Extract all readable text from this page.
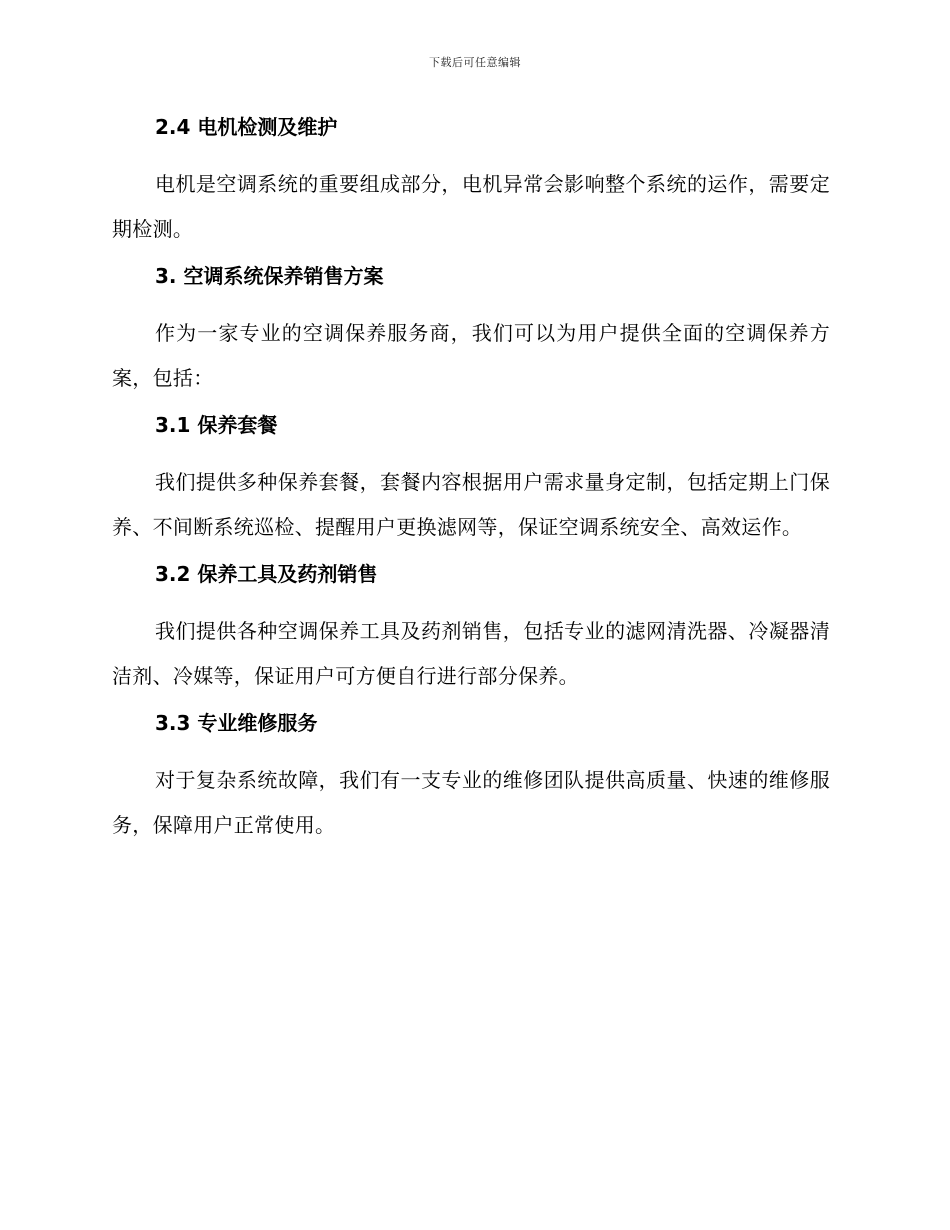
下载后可任意编辑
2.4 电机检测及维护

电机是空调系统的重要组成部分，电机异常会影响整个系统的运作，需要定期检测。

3. 空调系统保养销售方案

作为一家专业的空调保养服务商，我们可以为用户提供全面的空调保养方案，包括：

3.1 保养套餐

我们提供多种保养套餐，套餐内容根据用户需求量身定制，包括定期上门保养、不间断系统巡检、提醒用户更换滤网等，保证空调系统安全、高效运作。

3.2 保养工具及药剂销售

我们提供各种空调保养工具及药剂销售，包括专业的滤网清洗器、冷凝器清洁剂、冷媒等，保证用户可方便自行进行部分保养。

3.3 专业维修服务

对于复杂系统故障，我们有一支专业的维修团队提供高质量、快速的维修服务，保障用户正常使用。
